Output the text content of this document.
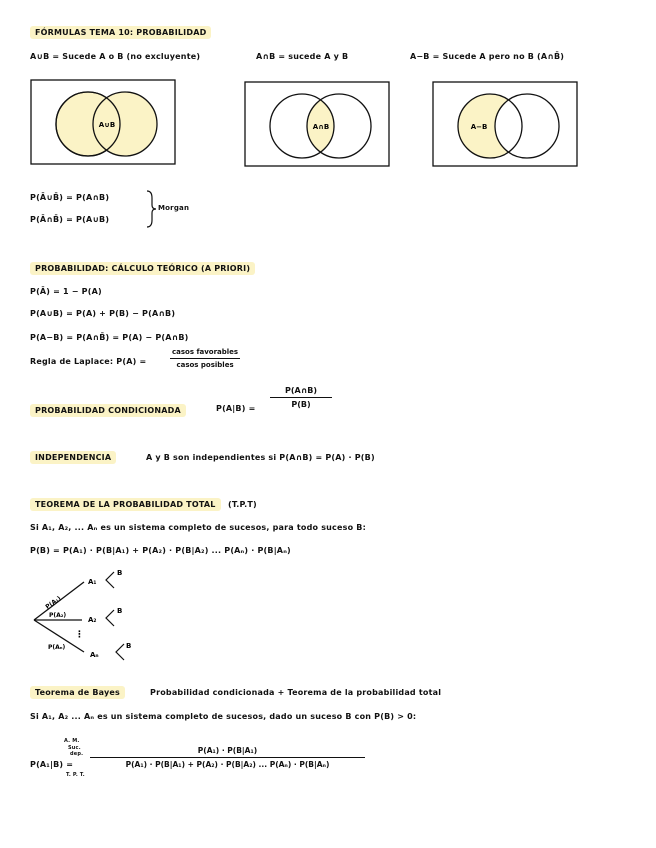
FÓRMULAS TEMA 10: PROBABILIDAD
A∪B = Sucede A o B (no excluyente)	A∩B = sucede A y B	A−B = Sucede A pero no B (A∩B̄)
A∪B	A∩B	A−B
P(Ā∪B̄) = P(A∩B)
P(Ā∩B̄) = P(A∪B)
Morgan
PROBABILIDAD: CÁLCULO TEÓRICO (A PRIORI)
P(Ā) = 1 − P(A)
P(A∪B) = P(A) + P(B) − P(A∩B)
P(A−B) = P(A∩B̄) = P(A) − P(A∩B)
Regla de Laplace: P(A) =
casos favorables
casos posibles
PROBABILIDAD CONDICIONADA	$P(A|B) = \frac{P(A\cap B)}{P(B)}$
INDEPENDENCIA	A y B son independientes si P(A∩B) = P(A) · P(B)
TEOREMA DE LA PROBABILIDAD TOTAL	(T.P.T)
Si A₁, A₂, ... Aₙ es un sistema completo de sucesos, para todo suceso B:
P(B) = P(A₁) · P(B|A₁) + P(A₂) · P(B|A₂) ... P(Aₙ) · P(B|Aₙ)
P(A₁)
P(A₂)
⋮
P(Aₙ)
A₁
A₂
Aₙ
B
B
B
Teorema de Bayes	Probabilidad condicionada + Teorema de la probabilidad total
Si A₁, A₂ ... Aₙ es un sistema completo de sucesos, dado un suceso B con P(B) > 0:
P(A₁|B) =
A. M.
Suc.
dep.
T. P. T.
$\frac{\text{P(A₁) · P(B|A₁)}}{\text{P(A₁) · P(B|A₁) + P(A₂) · P(B|A₂) ... P(Aₙ) · P(B|Aₙ)}}$
